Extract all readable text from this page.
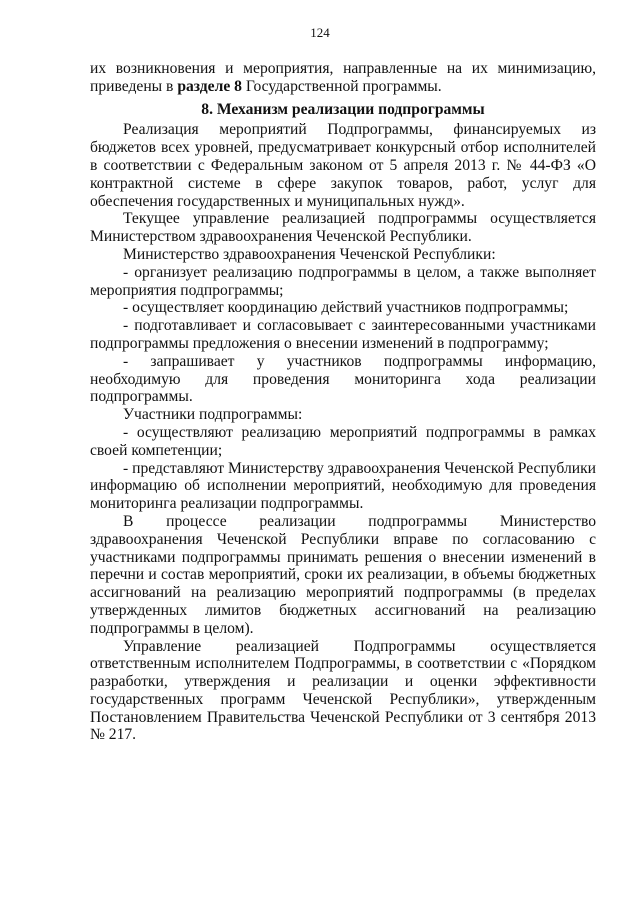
124

их возникновения и мероприятия, направленные на их минимизацию, приведены в разделе 8 Государственной программы.

8. Механизм реализации подпрограммы

Реализация мероприятий Подпрограммы, финансируемых из бюджетов всех уровней, предусматривает конкурсный отбор исполнителей в соответствии с Федеральным законом от 5 апреля 2013 г. № 44-ФЗ «О контрактной системе в сфере закупок товаров, работ, услуг для обеспечения государственных и муниципальных нужд».

Текущее управление реализацией подпрограммы осуществляется Министерством здравоохранения Чеченской Республики.

Министерство здравоохранения Чеченской Республики:

- организует реализацию подпрограммы в целом, а также выполняет мероприятия подпрограммы;

- осуществляет координацию действий участников подпрограммы;

- подготавливает и согласовывает с заинтересованными участниками подпрограммы предложения о внесении изменений в подпрограмму;

- запрашивает у участников подпрограммы информацию, необходимую для проведения мониторинга хода реализации подпрограммы.

Участники подпрограммы:

- осуществляют реализацию мероприятий подпрограммы в рамках своей компетенции;

- представляют Министерству здравоохранения Чеченской Республики информацию об исполнении мероприятий, необходимую для проведения мониторинга реализации подпрограммы.

В процессе реализации подпрограммы Министерство здравоохранения Чеченской Республики вправе по согласованию с участниками подпрограммы принимать решения о внесении изменений в перечни и состав мероприятий, сроки их реализации, в объемы бюджетных ассигнований на реализацию мероприятий подпрограммы (в пределах утвержденных лимитов бюджетных ассигнований на реализацию подпрограммы в целом).

Управление реализацией Подпрограммы осуществляется ответственным исполнителем Подпрограммы, в соответствии с «Порядком разработки, утверждения и реализации и оценки эффективности государственных программ Чеченской Республики», утвержденным Постановлением Правительства Чеченской Республики от 3 сентября 2013 № 217.
